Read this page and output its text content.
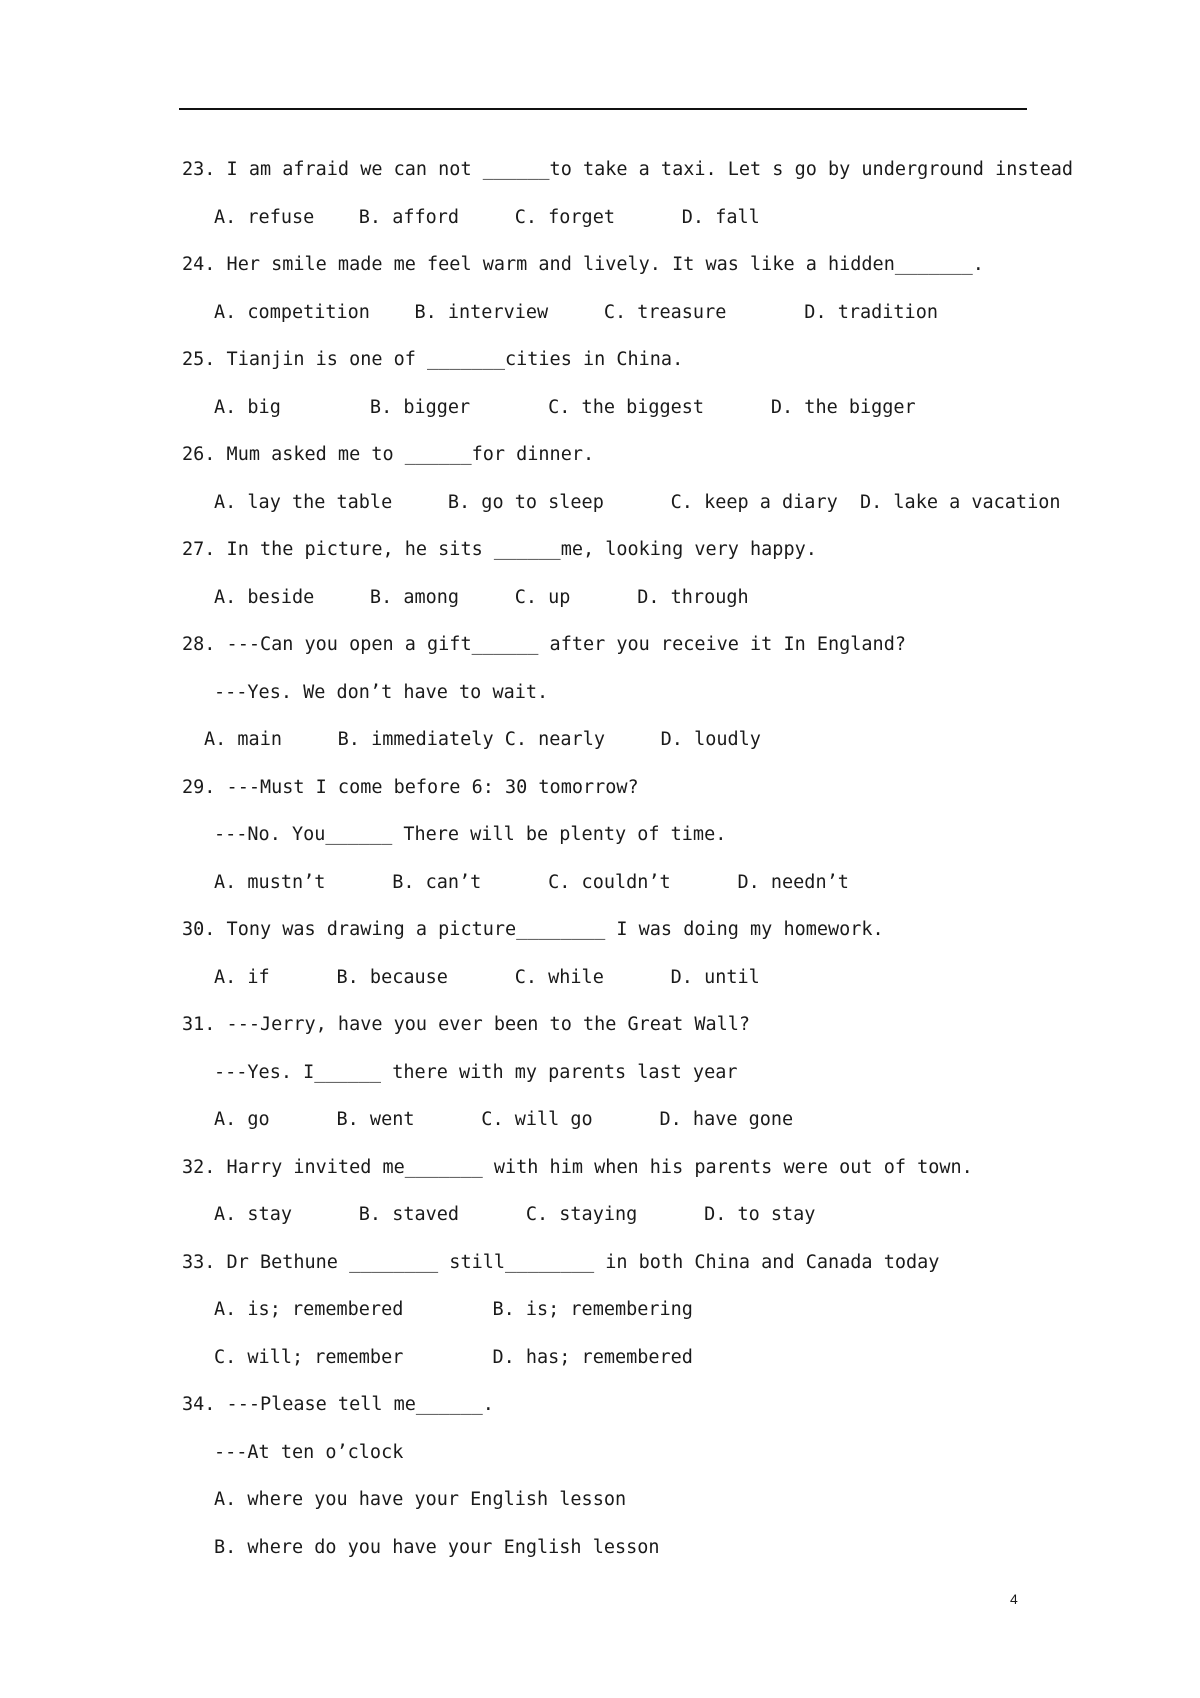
23. I am afraid we can not ______to take a taxi. Let s go by underground instead
A. refuse    B. afford     C. forget      D. fall
24. Her smile made me feel warm and lively. It was like a hidden_______.
A. competition    B. interview     C. treasure       D. tradition
25. Tianjin is one of _______cities in China.
A. big        B. bigger       C. the biggest      D. the bigger
26. Mum asked me to ______for dinner.
A. lay the table     B. go to sleep      C. keep a diary  D. lake a vacation
27. In the picture, he sits ______me, looking very happy.
A. beside     B. among     C. up      D. through
28. ---Can you open a gift______ after you receive it In England?
---Yes. We don’t have to wait.
A. main     B. immediately C. nearly     D. loudly
29. ---Must I come before 6: 30 tomorrow?
---No. You______ There will be plenty of time.
A. mustn’t      B. can’t      C. couldn’t      D. needn’t
30. Tony was drawing a picture________ I was doing my homework.
A. if      B. because      C. while      D. until
31. ---Jerry, have you ever been to the Great Wall?
---Yes. I______ there with my parents last year
A. go      B. went      C. will go      D. have gone
32. Harry invited me_______ with him when his parents were out of town.
A. stay      B. staved      C. staying      D. to stay
33. Dr Bethune ________ still________ in both China and Canada today
A. is; remembered        B. is; remembering
C. will; remember        D. has; remembered
34. ---Please tell me______.
---At ten o’clock
A. where you have your English lesson
B. where do you have your English lesson
4
